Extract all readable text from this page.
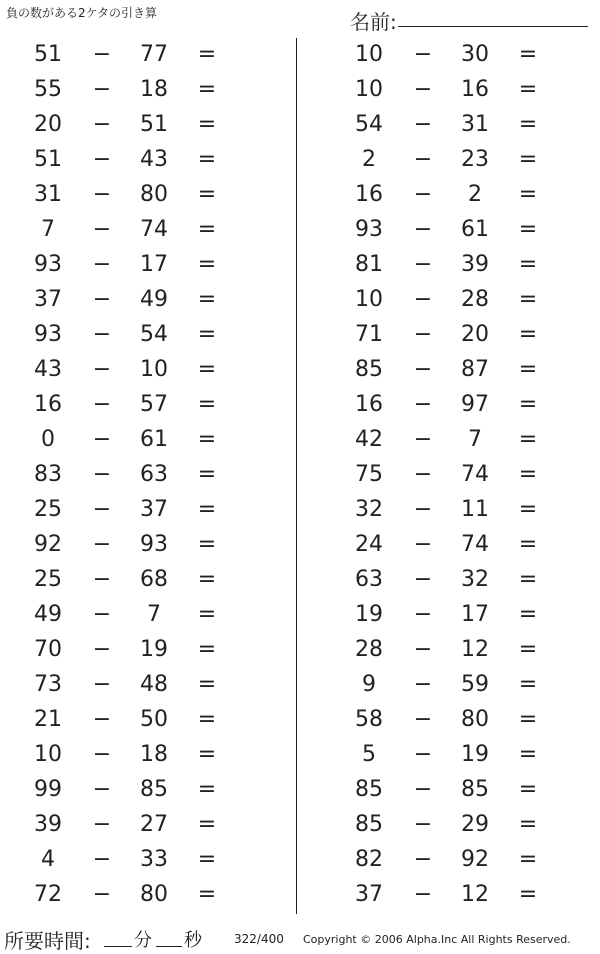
負の数がある2ケタの引き算	名前:
51	−	77	=
55	−	18	=
20	−	51	=
51	−	43	=
31	−	80	=
7	−	74	=
93	−	17	=
37	−	49	=
93	−	54	=
43	−	10	=
16	−	57	=
0	−	61	=
83	−	63	=
25	−	37	=
92	−	93	=
25	−	68	=
49	−	7	=
70	−	19	=
73	−	48	=
21	−	50	=
10	−	18	=
99	−	85	=
39	−	27	=
4	−	33	=
72	−	80	=
10	−	30	=
10	−	16	=
54	−	31	=
2	−	23	=
16	−	2	=
93	−	61	=
81	−	39	=
10	−	28	=
71	−	20	=
85	−	87	=
16	−	97	=
42	−	7	=
75	−	74	=
32	−	11	=
24	−	74	=
63	−	32	=
19	−	17	=
28	−	12	=
9	−	59	=
58	−	80	=
5	−	19	=
85	−	85	=
85	−	29	=
82	−	92	=
37	−	12	=
所要時間: 分 秒	322/400 Copyright © 2006 Alpha.Inc All Rights Reserved.
